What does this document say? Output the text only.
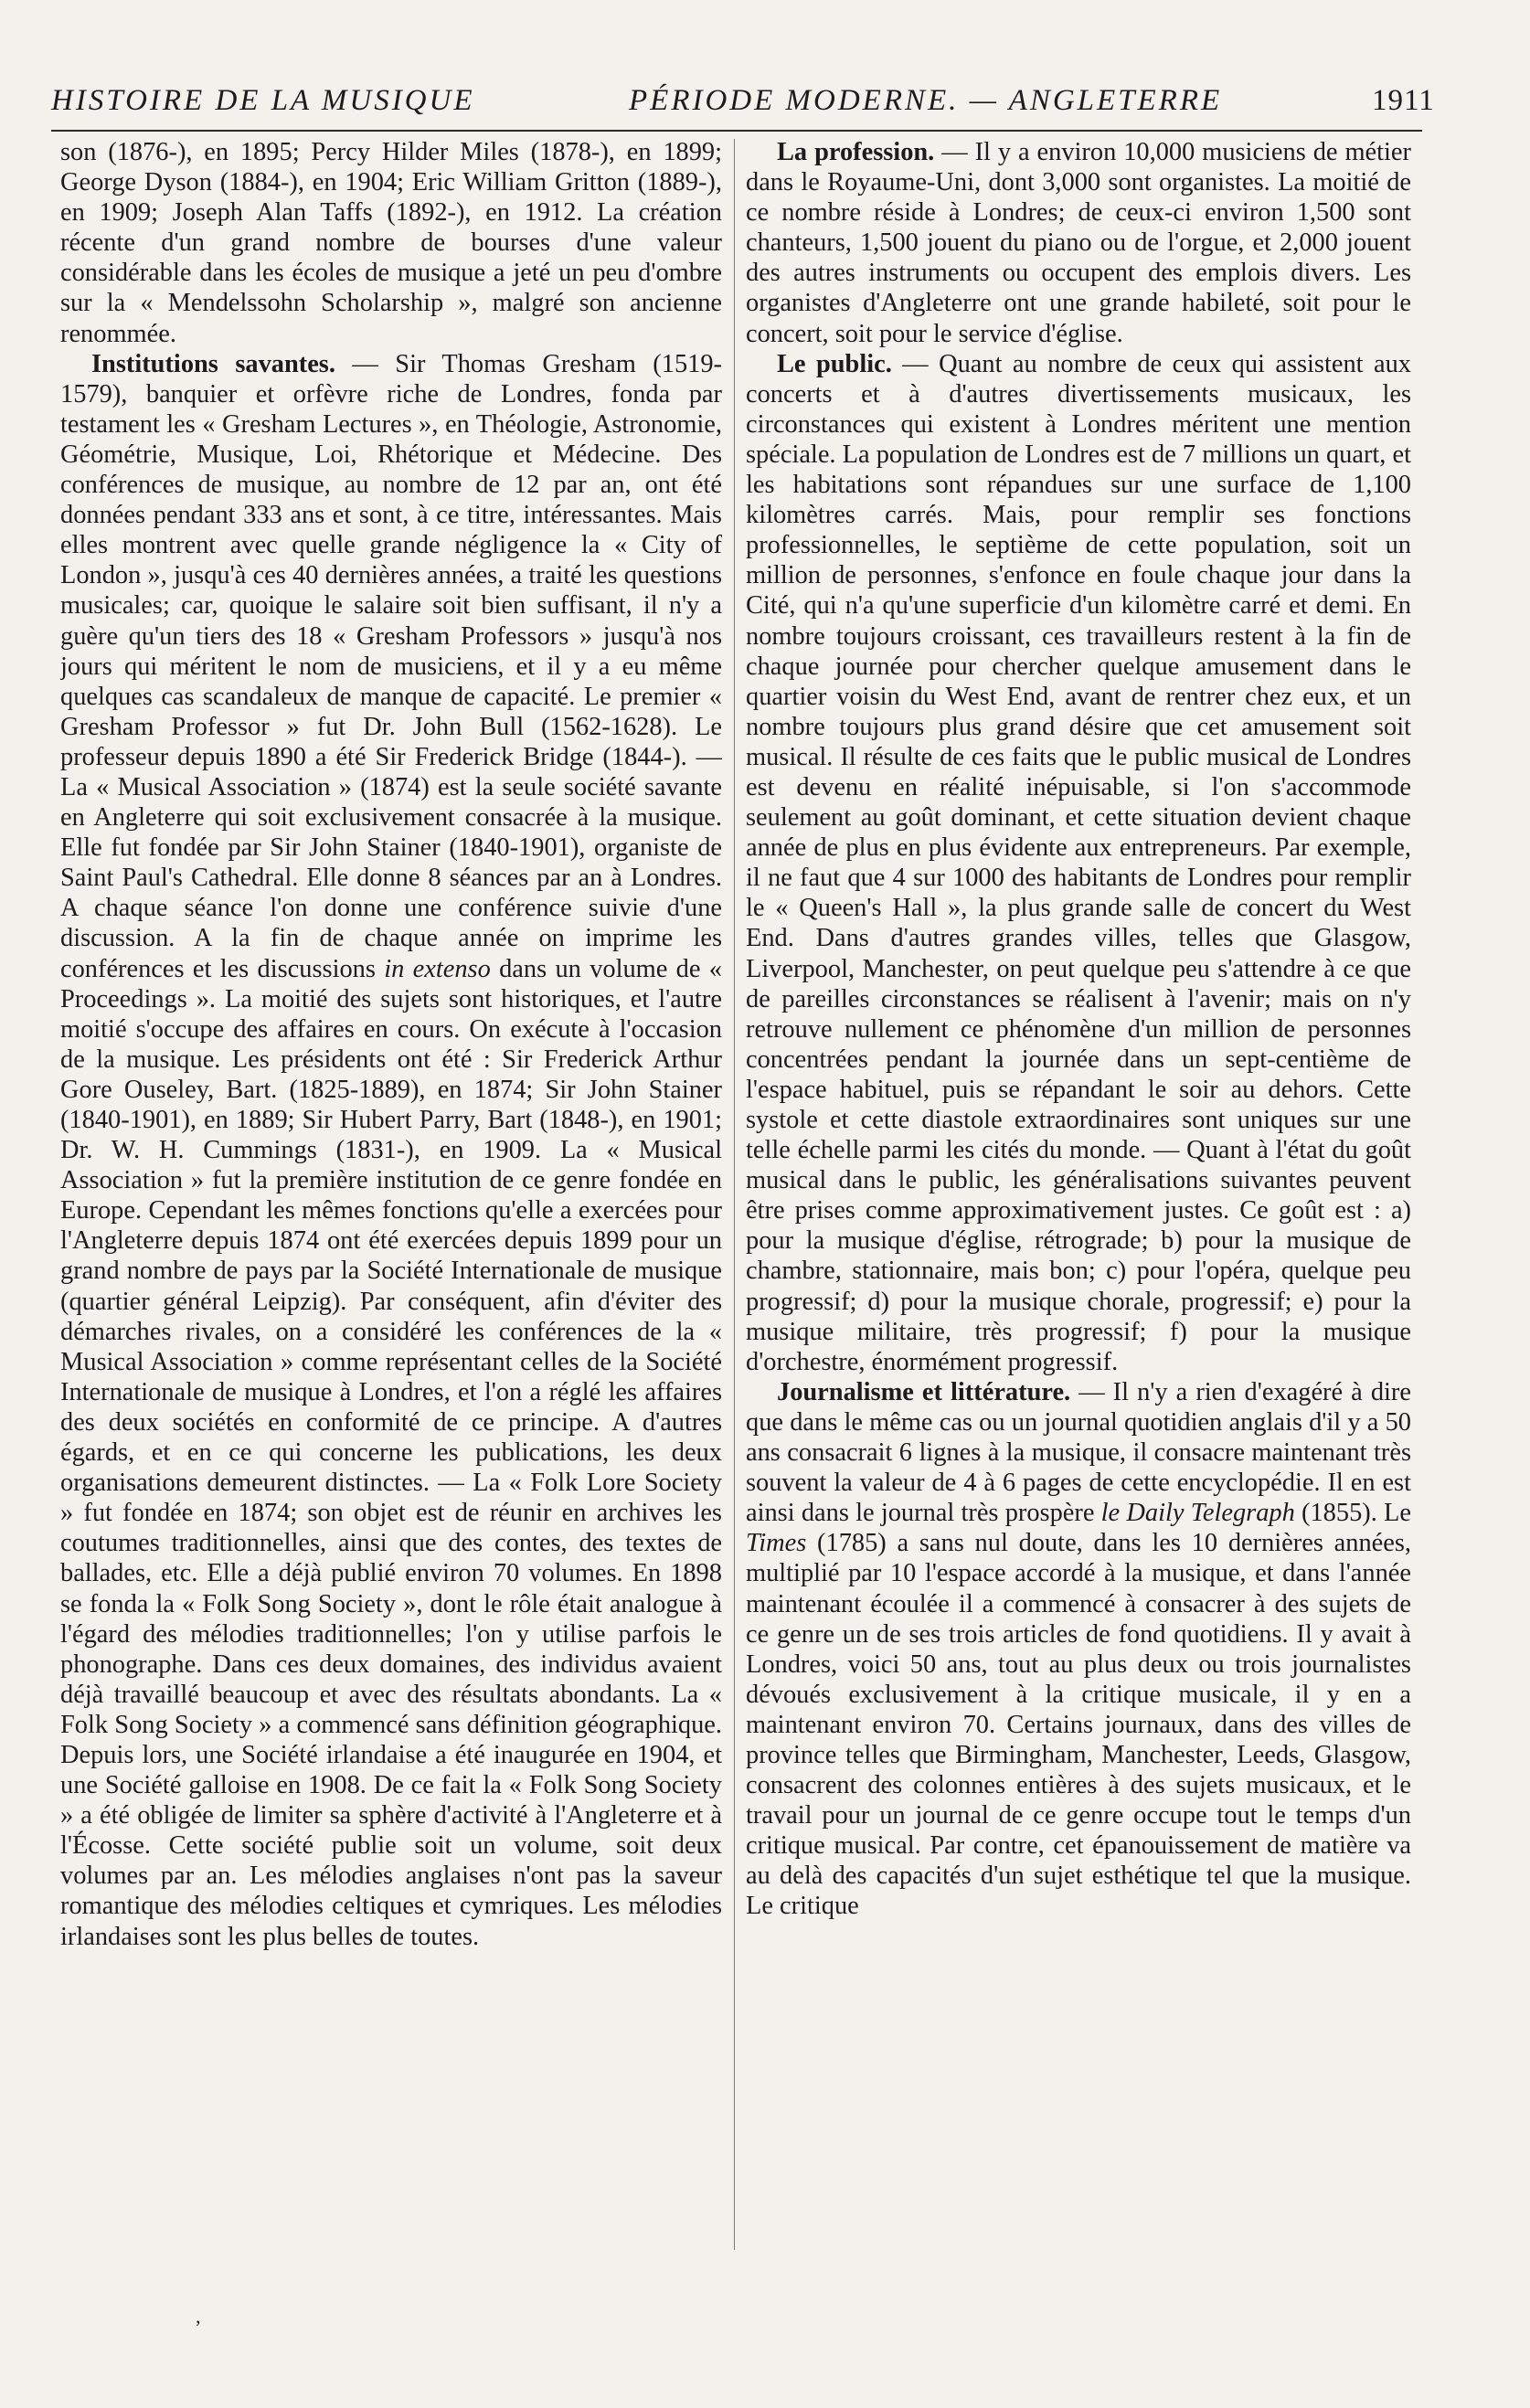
HISTOIRE DE LA MUSIQUE	PÉRIODE MODERNE. — ANGLETERRE	1911

son (1876-), en 1895; Percy Hilder Miles (1878-), en 1899; George Dyson (1884-), en 1904; Eric William Gritton (1889-), en 1909; Joseph Alan Taffs (1892-), en 1912. La création récente d'un grand nombre de bourses d'une valeur considérable dans les écoles de musique a jeté un peu d'ombre sur la « Mendelssohn Scholarship », malgré son ancienne renommée.

Institutions savantes. — Sir Thomas Gresham (1519-1579), banquier et orfèvre riche de Londres, fonda par testament les « Gresham Lectures », en Théologie, Astronomie, Géométrie, Musique, Loi, Rhétorique et Médecine. Des conférences de musique, au nombre de 12 par an, ont été données pendant 333 ans et sont, à ce titre, intéressantes. Mais elles montrent avec quelle grande négligence la « City of London », jusqu'à ces 40 dernières années, a traité les questions musicales; car, quoique le salaire soit bien suffisant, il n'y a guère qu'un tiers des 18 « Gresham Professors » jusqu'à nos jours qui méritent le nom de musiciens, et il y a eu même quelques cas scandaleux de manque de capacité. Le premier « Gresham Professor » fut Dr. John Bull (1562-1628). Le professeur depuis 1890 a été Sir Frederick Bridge (1844-). — La « Musical Association » (1874) est la seule société savante en Angleterre qui soit exclusivement consacrée à la musique. Elle fut fondée par Sir John Stainer (1840-1901), organiste de Saint Paul's Cathedral. Elle donne 8 séances par an à Londres. A chaque séance l'on donne une conférence suivie d'une discussion. A la fin de chaque année on imprime les conférences et les discussions in extenso dans un volume de « Proceedings ». La moitié des sujets sont historiques, et l'autre moitié s'occupe des affaires en cours. On exécute à l'occasion de la musique. Les présidents ont été : Sir Frederick Arthur Gore Ouseley, Bart. (1825-1889), en 1874; Sir John Stainer (1840-1901), en 1889; Sir Hubert Parry, Bart (1848-), en 1901; Dr. W. H. Cummings (1831-), en 1909. La « Musical Association » fut la première institution de ce genre fondée en Europe. Cependant les mêmes fonctions qu'elle a exercées pour l'Angleterre depuis 1874 ont été exercées depuis 1899 pour un grand nombre de pays par la Société Internationale de musique (quartier général Leipzig). Par conséquent, afin d'éviter des démarches rivales, on a considéré les conférences de la « Musical Association » comme représentant celles de la Société Internationale de musique à Londres, et l'on a réglé les affaires des deux sociétés en conformité de ce principe. A d'autres égards, et en ce qui concerne les publications, les deux organisations demeurent distinctes. — La « Folk Lore Society » fut fondée en 1874; son objet est de réunir en archives les coutumes traditionnelles, ainsi que des contes, des textes de ballades, etc. Elle a déjà publié environ 70 volumes. En 1898 se fonda la « Folk Song Society », dont le rôle était analogue à l'égard des mélodies traditionnelles; l'on y utilise parfois le phonographe. Dans ces deux domaines, des individus avaient déjà travaillé beaucoup et avec des résultats abondants. La « Folk Song Society » a commencé sans définition géographique. Depuis lors, une Société irlandaise a été inaugurée en 1904, et une Société galloise en 1908. De ce fait la « Folk Song Society » a été obligée de limiter sa sphère d'activité à l'Angleterre et à l'Écosse. Cette société publie soit un volume, soit deux volumes par an. Les mélodies anglaises n'ont pas la saveur romantique des mélodies celtiques et cymriques. Les mélodies irlandaises sont les plus belles de toutes.

La profession. — Il y a environ 10,000 musiciens de métier dans le Royaume-Uni, dont 3,000 sont organistes. La moitié de ce nombre réside à Londres; de ceux-ci environ 1,500 sont chanteurs, 1,500 jouent du piano ou de l'orgue, et 2,000 jouent des autres instruments ou occupent des emplois divers. Les organistes d'Angleterre ont une grande habileté, soit pour le concert, soit pour le service d'église.

Le public. — Quant au nombre de ceux qui assistent aux concerts et à d'autres divertissements musicaux, les circonstances qui existent à Londres méritent une mention spéciale. La population de Londres est de 7 millions un quart, et les habitations sont répandues sur une surface de 1,100 kilomètres carrés. Mais, pour remplir ses fonctions professionnelles, le septième de cette population, soit un million de personnes, s'enfonce en foule chaque jour dans la Cité, qui n'a qu'une superficie d'un kilomètre carré et demi. En nombre toujours croissant, ces travailleurs restent à la fin de chaque journée pour chercher quelque amusement dans le quartier voisin du West End, avant de rentrer chez eux, et un nombre toujours plus grand désire que cet amusement soit musical. Il résulte de ces faits que le public musical de Londres est devenu en réalité inépuisable, si l'on s'accommode seulement au goût dominant, et cette situation devient chaque année de plus en plus évidente aux entrepreneurs. Par exemple, il ne faut que 4 sur 1000 des habitants de Londres pour remplir le « Queen's Hall », la plus grande salle de concert du West End. Dans d'autres grandes villes, telles que Glasgow, Liverpool, Manchester, on peut quelque peu s'attendre à ce que de pareilles circonstances se réalisent à l'avenir; mais on n'y retrouve nullement ce phénomène d'un million de personnes concentrées pendant la journée dans un sept-centième de l'espace habituel, puis se répandant le soir au dehors. Cette systole et cette diastole extraordinaires sont uniques sur une telle échelle parmi les cités du monde. — Quant à l'état du goût musical dans le public, les généralisations suivantes peuvent être prises comme approximativement justes. Ce goût est : a) pour la musique d'église, rétrograde; b) pour la musique de chambre, stationnaire, mais bon; c) pour l'opéra, quelque peu progressif; d) pour la musique chorale, progressif; e) pour la musique militaire, très progressif; f) pour la musique d'orchestre, énormément progressif.

Journalisme et littérature. — Il n'y a rien d'exagéré à dire que dans le même cas ou un journal quotidien anglais d'il y a 50 ans consacrait 6 lignes à la musique, il consacre maintenant très souvent la valeur de 4 à 6 pages de cette encyclopédie. Il en est ainsi dans le journal très prospère le Daily Telegraph (1855). Le Times (1785) a sans nul doute, dans les 10 dernières années, multiplié par 10 l'espace accordé à la musique, et dans l'année maintenant écoulée il a commencé à consacrer à des sujets de ce genre un de ses trois articles de fond quotidiens. Il y avait à Londres, voici 50 ans, tout au plus deux ou trois journalistes dévoués exclusivement à la critique musicale, il y en a maintenant environ 70. Certains journaux, dans des villes de province telles que Birmingham, Manchester, Leeds, Glasgow, consacrent des colonnes entières à des sujets musicaux, et le travail pour un journal de ce genre occupe tout le temps d'un critique musical. Par contre, cet épanouissement de matière va au delà des capacités d'un sujet esthétique tel que la musique. Le critique

‚
